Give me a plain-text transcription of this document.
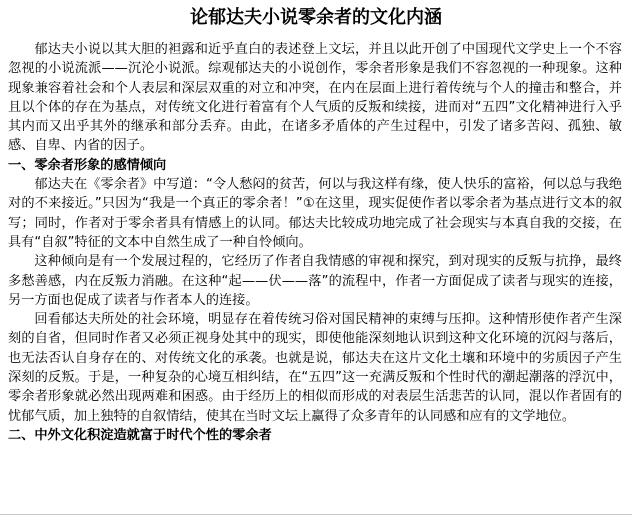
论郁达夫小说零余者的文化内涵

郁达夫小说以其大胆的袒露和近乎直白的表述登上文坛，并且以此开创了中国现代文学史上一个不容忽视的小说流派——沉沦小说派。综观郁达夫的小说创作，零余者形象是我们不容忽视的一种现象。这种现象兼容着社会和个人表层和深层双重的对立和冲突，在内在层面上进行着传统与个人的撞击和整合，并且以个体的存在为基点，对传统文化进行着富有个人气质的反叛和续接，进而对“五四”文化精神进行入乎其内而又出乎其外的继承和部分丢弃。由此，在诸多矛盾体的产生过程中，引发了诸多苦闷、孤独、敏感、自卑、内省的因子。

一、零余者形象的感情倾向

郁达夫在《零余者》中写道：“令人愁闷的贫苦，何以与我这样有缘，使人快乐的富裕，何以总与我绝对的不来接近。”只因为“我是一个真正的零余者！”①在这里，现实促使作者以零余者为基点进行文本的叙写；同时，作者对于零余者具有情感上的认同。郁达夫比较成功地完成了社会现实与本真自我的交接，在具有“自叙”特征的文本中自然生成了一种自怜倾向。

这种倾向是有一个发展过程的，它经历了作者自我情感的审视和探究，到对现实的反叛与抗挣，最终多愁善感，内在反叛力消融。在这种“起——伏——落”的流程中，作者一方面促成了读者与现实的连接，另一方面也促成了读者与作者本人的连接。

回看郁达夫所处的社会环境，明显存在着传统习俗对国民精神的束缚与压抑。这种情形使作者产生深刻的自省，但同时作者又必须正视身处其中的现实，即使他能深刻地认识到这种文化环境的沉闷与落后，也无法否认自身存在的、对传统文化的承袭。也就是说，郁达夫在这片文化土壤和环境中的劣质因子产生深刻的反叛。于是，一种复杂的心境互相纠结，在“五四”这一充满反叛和个性时代的潮起潮落的浮沉中，零余者形象就必然出现两难和困惑。由于经历上的相似而形成的对表层生活悲苦的认同，混以作者固有的忧郁气质，加上独特的自叙情结，使其在当时文坛上赢得了众多青年的认同感和应有的文学地位。

二、中外文化积淀造就富于时代个性的零余者
